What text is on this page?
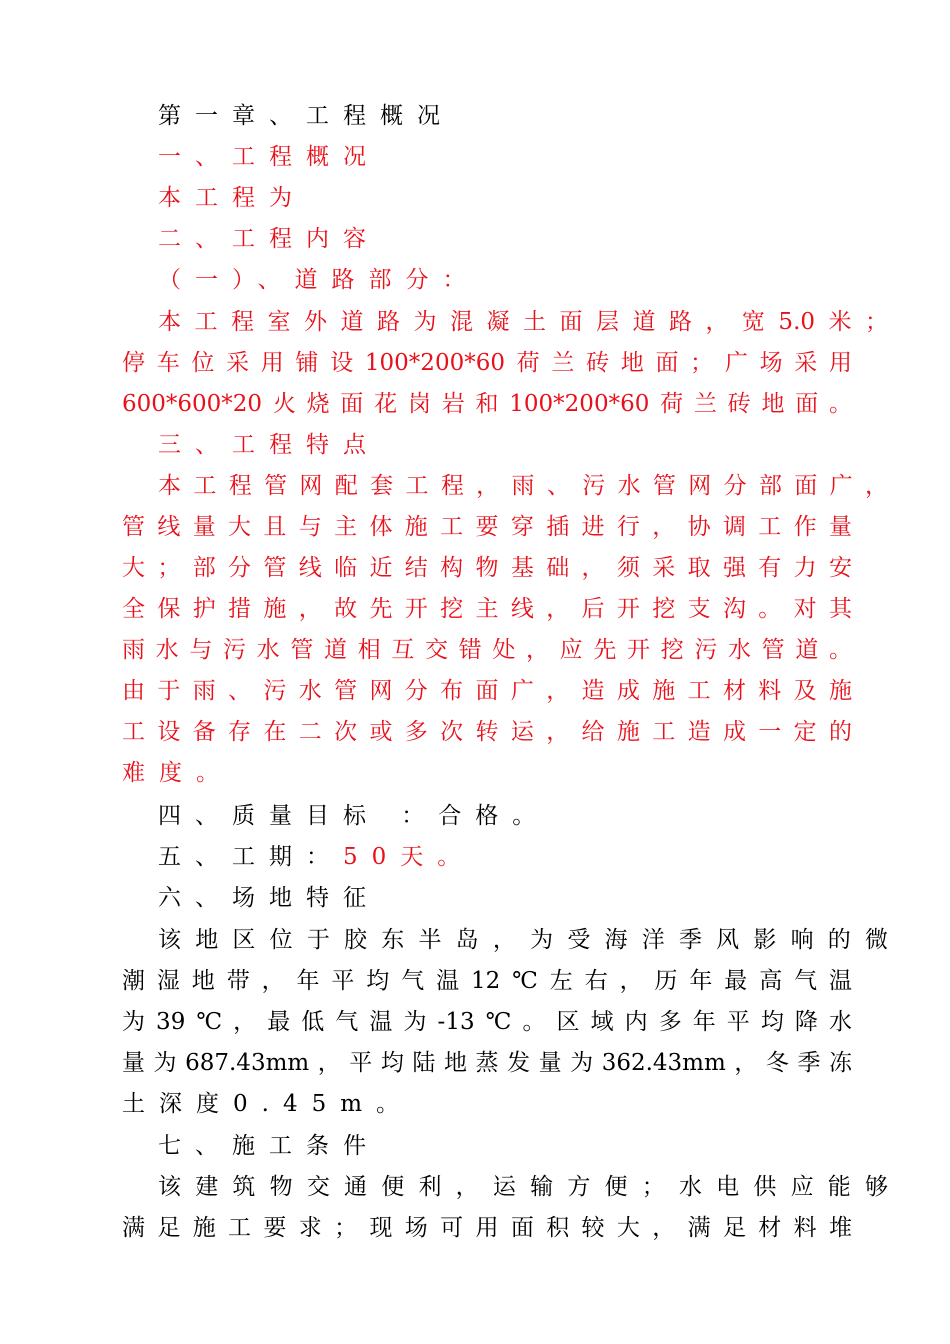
第一章、工程概况
一、工程概况
本工程为
二、工程内容
（一）、道路部分：
本工程室外道路为混凝土面层道路，宽5.0米；
停车位采用铺设100*200*60荷兰砖地面；广场采用
600*600*20火烧面花岗岩和100*200*60荷兰砖地面。
三、工程特点
本工程管网配套工程，雨、污水管网分部面广，
管线量大且与主体施工要穿插进行，协调工作量
大；部分管线临近结构物基础，须采取强有力安
全保护措施，故先开挖主线，后开挖支沟。对其
雨水与污水管道相互交错处，应先开挖污水管道。
由于雨、污水管网分布面广，造成施工材料及施
工设备存在二次或多次转运，给施工造成一定的
难度。
四、质量目标 ：合格。
五、工期：50天。
六、场地特征
该地区位于胶东半岛，为受海洋季风影响的微
潮湿地带，年平均气温12℃左右，历年最高气温
为39℃，最低气温为-13℃。区域内多年平均降水
量为687.43mm，平均陆地蒸发量为362.43mm，冬季冻
土深度0.45m。
七、施工条件
该建筑物交通便利，运输方便；水电供应能够
满足施工要求；现场可用面积较大，满足材料堆
